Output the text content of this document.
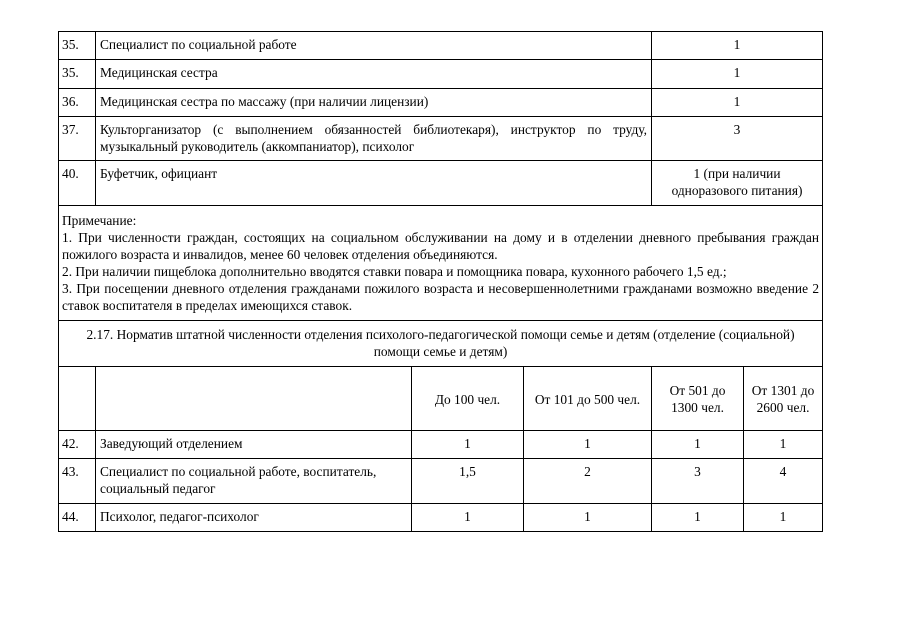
35.	Специалист по социальной работе			1	
35.	Медицинская сестра			1	
36.	Медицинская сестра по массажу (при наличии лицензии)			1	
37.	Культорганизатор (с выполнением обязанностей библиотекаря), инструктор по труду, музыкальный руководитель (аккомпаниатор), психолог			3	
40.	Буфетчик, официант			1 (при наличии одноразового питания)	

Примечание:
1. При численности граждан, состоящих на социальном обслуживании на дому и в отделении дневного пребывания граждан пожилого возраста и инвалидов, менее 60 человек отделения объединяются.
2. При наличии пищеблока дополнительно вводятся ставки повара и помощника повара, кухонного рабочего 1,5 ед.;
3. При посещении дневного отделения гражданами пожилого возраста и несовершеннолетними гражданами возможно введение 2 ставок воспитателя в пределах имеющихся ставок.					

2.17. Норматив штатной численности отделения психолого-педагогической помощи семье и детям (отделение (социальной) помощи семье и детям)					
		До 100 чел.	От 101 до 500 чел.	От 501 до 1300 чел.	От 1301 до 2600 чел.
42.	Заведующий отделением	1	1	1	1
43.	Специалист по социальной работе, воспитатель, социальный педагог	1,5	2	3	4
44.	Психолог, педагог-психолог	1	1	1	1
